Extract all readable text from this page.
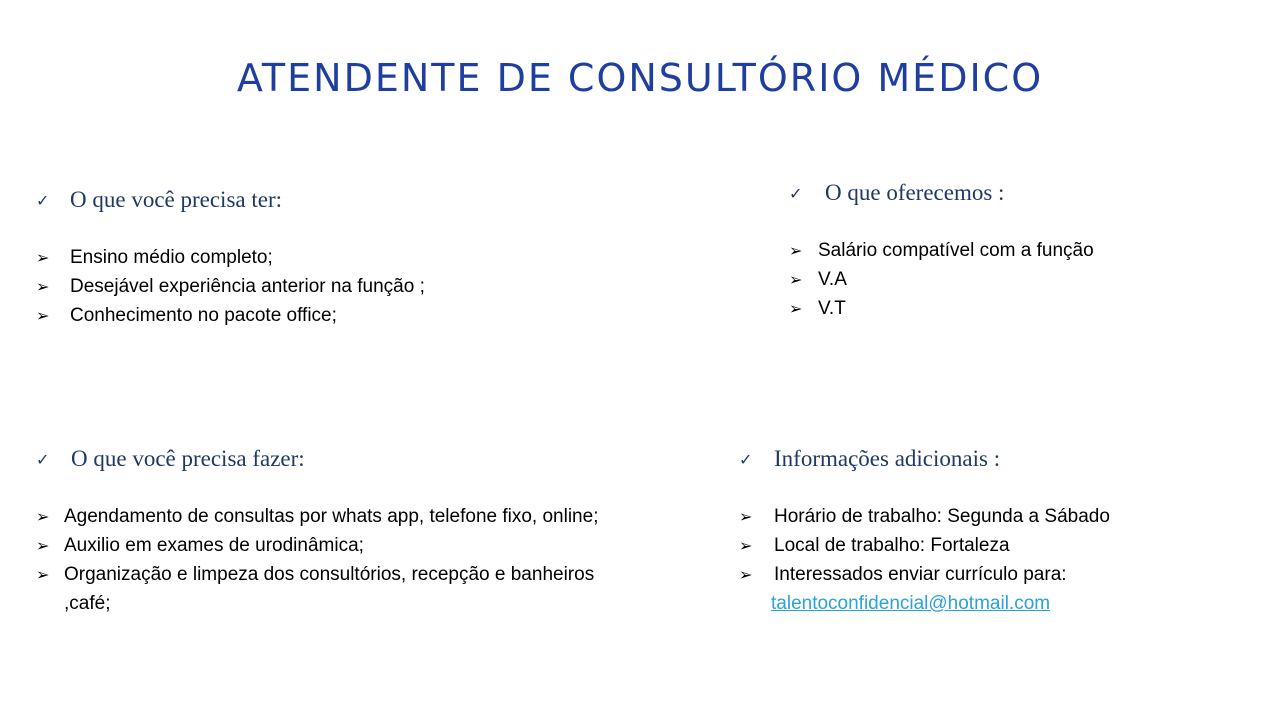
ATENDENTE DE CONSULTÓRIO MÉDICO
✓ O que você precisa ter:
➢ Ensino médio completo;
➢ Desejável experiência anterior na função ;
➢ Conhecimento no pacote office;
✓ O que oferecemos :
➢ Salário compatível com a função
➢ V.A
➢ V.T
✓ O que você precisa fazer:
➢ Agendamento de consultas por whats app, telefone fixo, online;
➢ Auxilio em exames de urodinâmica;
➢ Organização e limpeza dos consultórios, recepção e banheiros ,café;
✓ Informações adicionais :
➢ Horário de trabalho: Segunda a Sábado
➢ Local de trabalho: Fortaleza
➢ Interessados enviar currículo para:
talentoconfidencial@hotmail.com
